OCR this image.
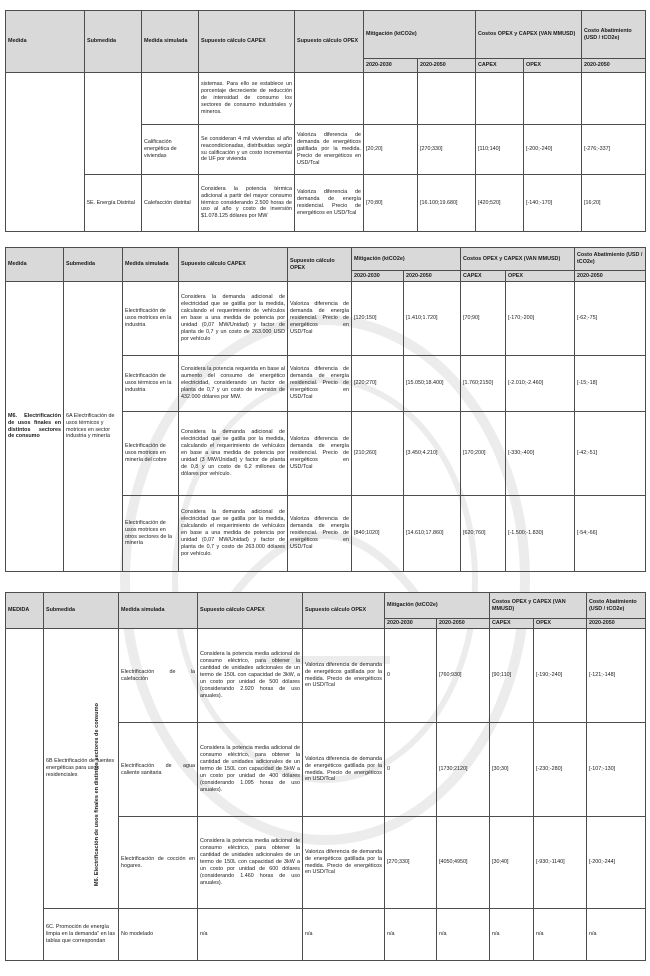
Medida	Submedida	Medida simulada	Supuesto cálculo CAPEX	Supuesto cálculo OPEX	Mitigación (ktCO2e)		Costos OPEX y CAPEX (VAN MMUSD)		Costo Abatimiento (USD / tCO2e)
					2020-2030	2020-2050	CAPEX	OPEX	2020-2050
			sistemas. Para ello se establece un porcentaje decreciente de reducción de intensidad de consumo los sectores de consumo industriales y mineros.						
		Calificación energética de viviendas	Se consideran 4 mil viviendas al año reacondicionadas, distribuidas según su calificación y un costo incremental de UF por vivienda	Valoriza diferencia de demanda de energéticos gatillada por la medida. Precio de energéticos en USD/Tcal	[20;20]	[270;330]	[110;140]	[-200;-240]	[-276;-337]
	5E. Energía Distrital	Calefacción distrital	Considera la potencia térmica adicional a partir del mayor consumo térmico considerando 2.500 horas de uso al año y costo de inversión $1.078.125 dólares por MW	Valoriza diferencia de demanda de energía residencial. Precio de energéticos en USD/Tcal	[70;80]	[16.100;19.680]	[420;520]	[-140;-170]	[16;20]
Medida	Submedida	Medida simulada	Supuesto cálculo CAPEX	Supuesto cálculo OPEX	Mitigación (ktCO2e)		Costos OPEX y CAPEX (VAN MMUSD)		Costo Abatimiento (USD / tCO2e)
					2020-2030	2020-2050	CAPEX	OPEX	2020-2050
M6. Electrificación de usos finales en distintos sectores de consumo	6A Electrificación de usos térmicos y motrices en sector industria y minería	Electrificación de usos motrices en la industria	Considera la demanda adicional de electricidad que se gatilla por la medida, calculando el requerimiento de vehículos en base a una medida de potencia por unidad (0,07 MW/Unidad) y factor de planta de 0,7 y un costo de 263.000 USD por vehículo	Valoriza diferencia de demanda de energía residencial. Precio de energéticos en USD/Tcal	[120;150]	[1.410;1.720]	[70;90]	[-170;-200]	[-62;-75]
		Electrificación de usos térmicos en la industria	Considera la potencia requerida en base al aumento del consumo de energético electricidad, considerando un factor de planta de 0,7 y un costo de inversión de 432.000 dólares por MW.	Valoriza diferencia de demanda de energía residencial. Precio de energéticos en USD/Tcal	[220;270]	[15.050;18.400]	[1.760;2150]	[-2.010;-2.460]	[-15;-18]
		Electrificación de usos motrices en minería del cobre	Considera la demanda adicional de electricidad que se gatilla por la medida, calculando el requerimiento de vehículos en base a una medida de potencia por unidad (3 MW/Unidad) y factor de planta de 0,8 y un costo de 6,2 millones de dólares por vehículo.	Valoriza diferencia de demanda de energía residencial. Precio de energéticos en USD/Tcal	[210;260]	[3.450;4.210]	[170;200]	[-330;-400]	[-42;-51]
		Electrificación de usos motrices en otros sectores de la minería	Considera la demanda adicional de electricidad que se gatilla por la medida, calculando el requerimiento de vehículos en base a una medida de potencia por unidad (0,07 MW/Unidad) y factor de planta de 0,7 y costo de 263.000 dólares por vehículo.	Valoriza diferencia de demanda de energía residencial. Precio de energéticos en USD/Tcal	[840;1020]	[14.610;17.860]	[620;760]	[-1.500;-1.830]	[-54;-66]
MEDIDA	Submedida	Medida simulada	Supuesto cálculo CAPEX	Supuesto cálculo OPEX	Mitigación (ktCO2e)		Costos OPEX y CAPEX (VAN MMUSD)		Costo Abatimiento (USD / tCO2e)
					2020-2030	2020-2050	CAPEX	OPEX	2020-2050
M6. Electrificación de usos finales en distintos sectores de consumo	6B Electrificación de fuentes energéticas para usos residenciales	Electrificación de la calefacción	Considera la potencia media adicional de consumo eléctrico, para obtener la cantidad de unidades adicionales de un termo de 150L con capacidad de 3kW, a un costo por unidad de 500 dólares (considerando 2.920 horas de uso anuales).	Valoriza diferencia de demanda de energéticos gatillada por la medida. Precio de energéticos en USD/Tcal	0	[760;930]	[90;110]	[-190;-240]	[-121;-148]
		Electrificación de agua caliente sanitaria	Considera la potencia media adicional de consumo eléctrico, para obtener la cantidad de unidades adicionales de un termo de 150L con capacidad de 5kW a un costo por unidad de 400 dólares (considerando 1.095 horas de uso anuales).	Valoriza diferencia de demanda de energéticos gatillada por la medida. Precio de energéticos en USD/Tcal	0	[1730;2120]	[30;30]	[-230;-280]	[-107;-130]
		Electrificación de cocción en hogares.	Considera la potencia media adicional de consumo eléctrico, para obtener la cantidad de unidades adicionales de un termo de 150L con capacidad de 3kW a un costo por unidad de 600 dólares (considerando 1.460 horas de uso anuales).	Valoriza diferencia de demanda de energéticos gatillada por la medida. Precio de energéticos en USD/Tcal	[270;330]	[4050;4950]	[30;40]	[-930;-1140]	[-200;-244]
	6C. Promoción de energía limpia en la demanda" en las tablas que correspondan	No modelado	n/a	n/a	n/a	n/a	n/a	n/a	n/a
